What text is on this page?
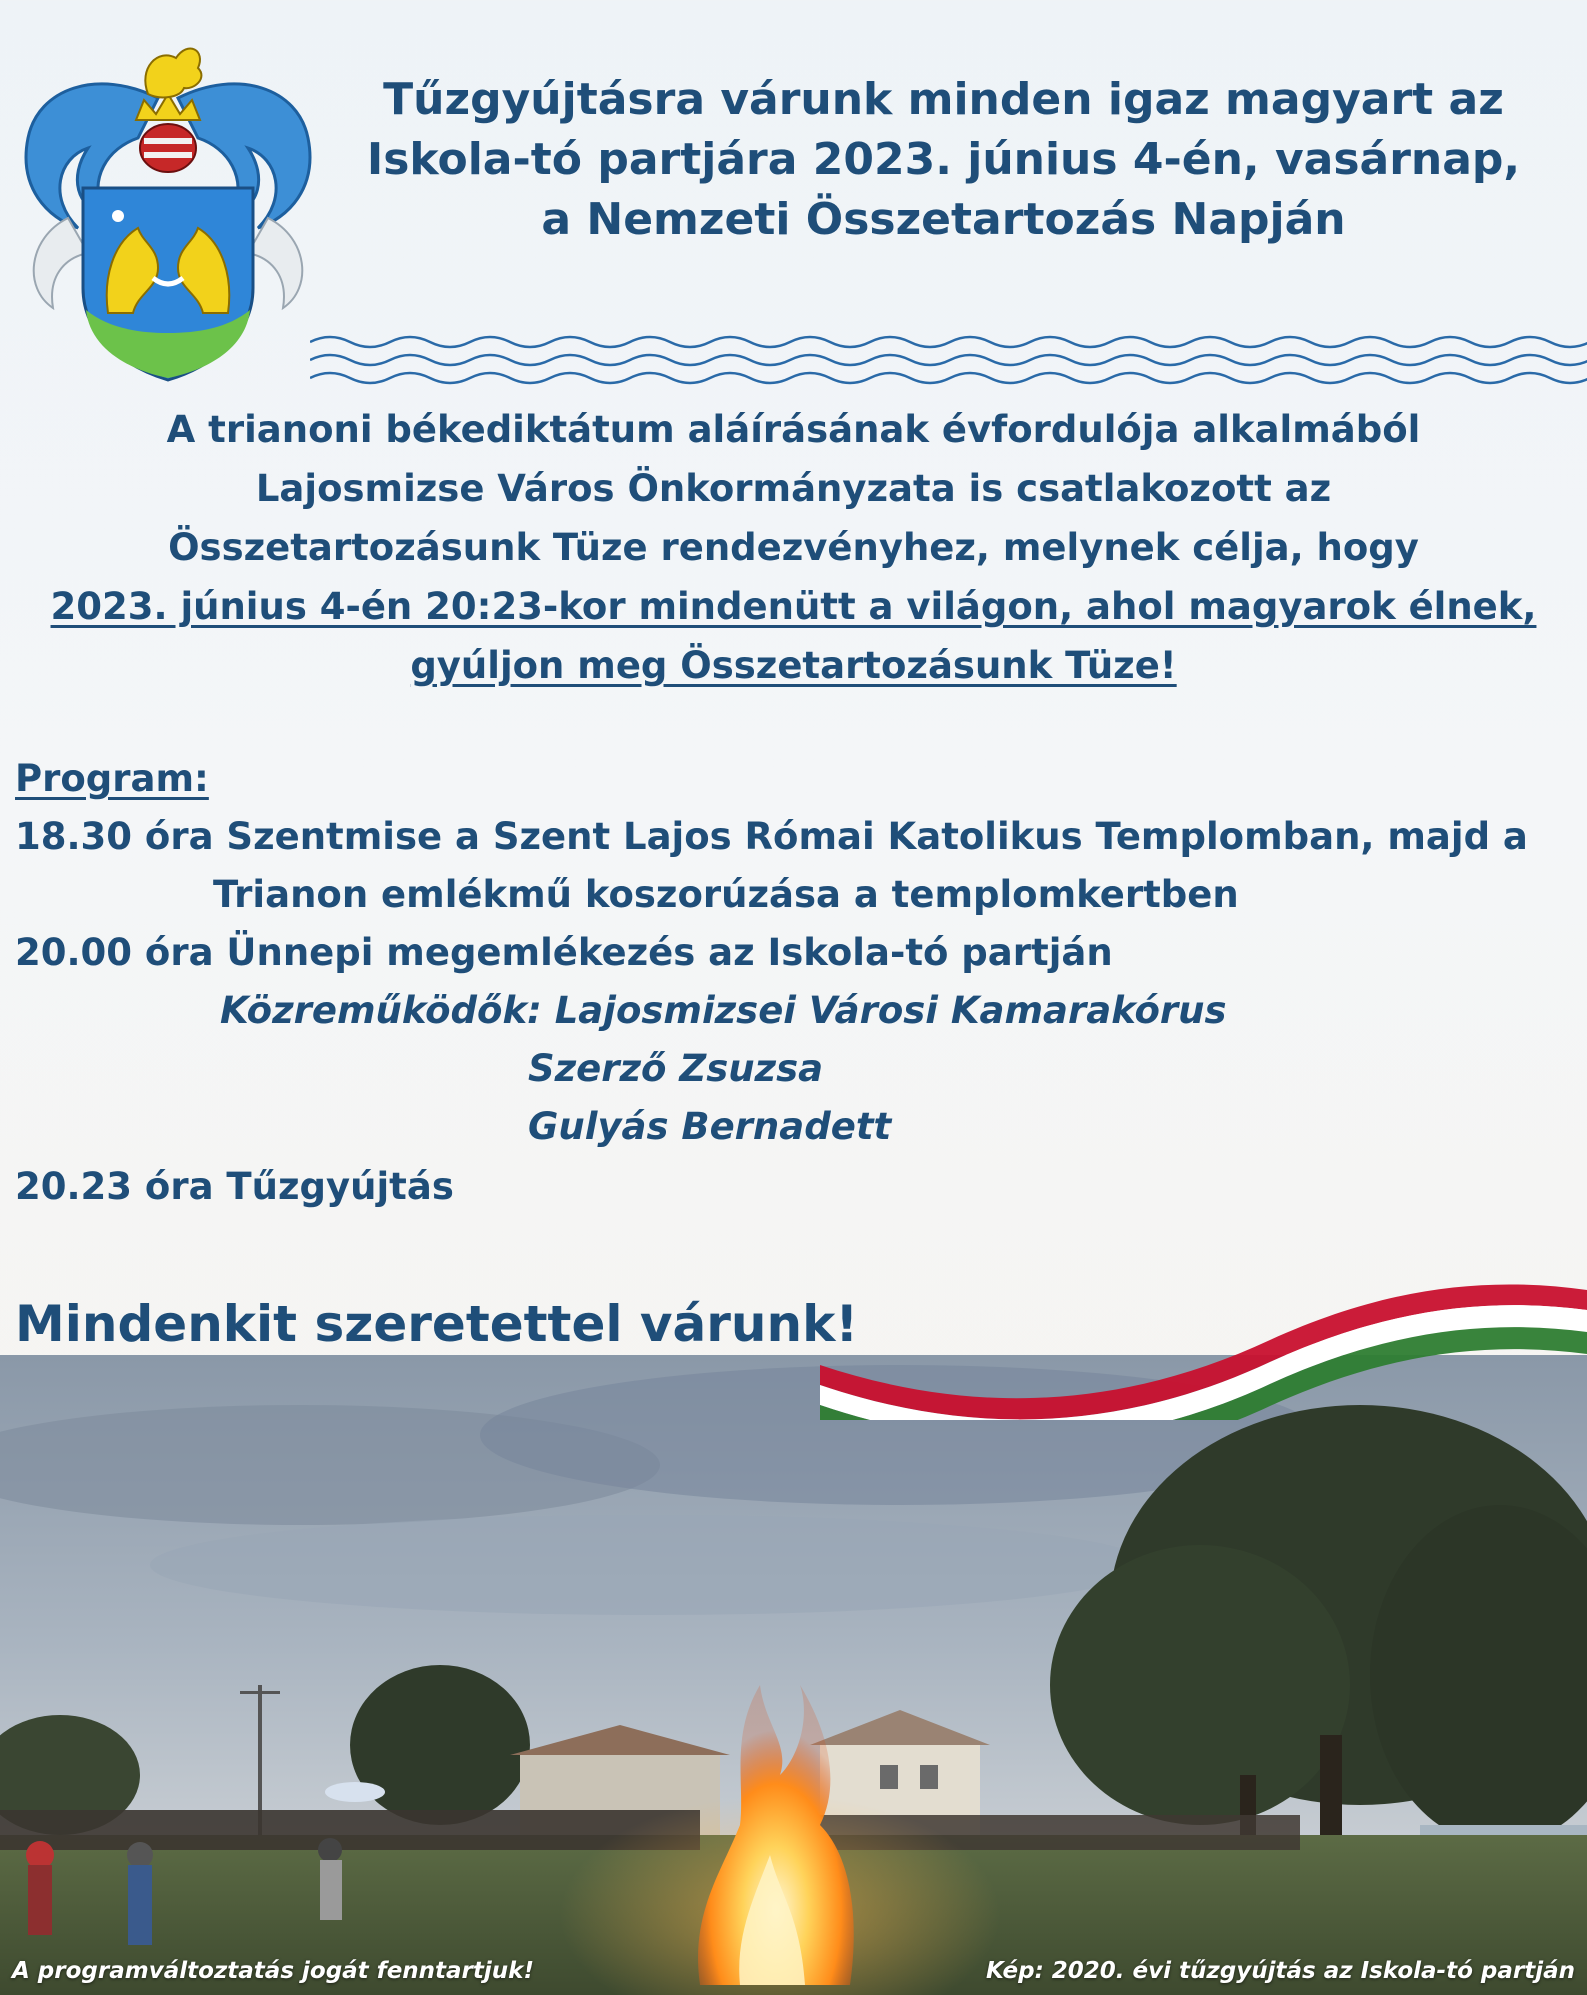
Tűzgyújtásra várunk minden igaz magyart az
Iskola-tó partjára 2023. június 4-én, vasárnap,
a Nemzeti Összetartozás Napján
A trianoni békediktátum aláírásának évfordulója alkalmából
Lajosmizse Város Önkormányzata is csatlakozott az
Összetartozásunk Tüze rendezvényhez, melynek célja, hogy
2023. június 4-én 20:23-kor mindenütt a világon, ahol magyarok élnek,
gyúljon meg Összetartozásunk Tüze!
Program:
18.30 óra Szentmise a Szent Lajos Római Katolikus Templomban, majd a
Trianon emlékmű koszorúzása a templomkertben
20.00 óra Ünnepi megemlékezés az Iskola-tó partján
Közreműködők: Lajosmizsei Városi Kamarakórus
Szerző Zsuzsa
Gulyás Bernadett
20.23 óra Tűzgyújtás
Mindenkit szeretettel várunk!
A programváltoztatás jogát fenntartjuk!	Kép: 2020. évi tűzgyújtás az Iskola-tó partján
